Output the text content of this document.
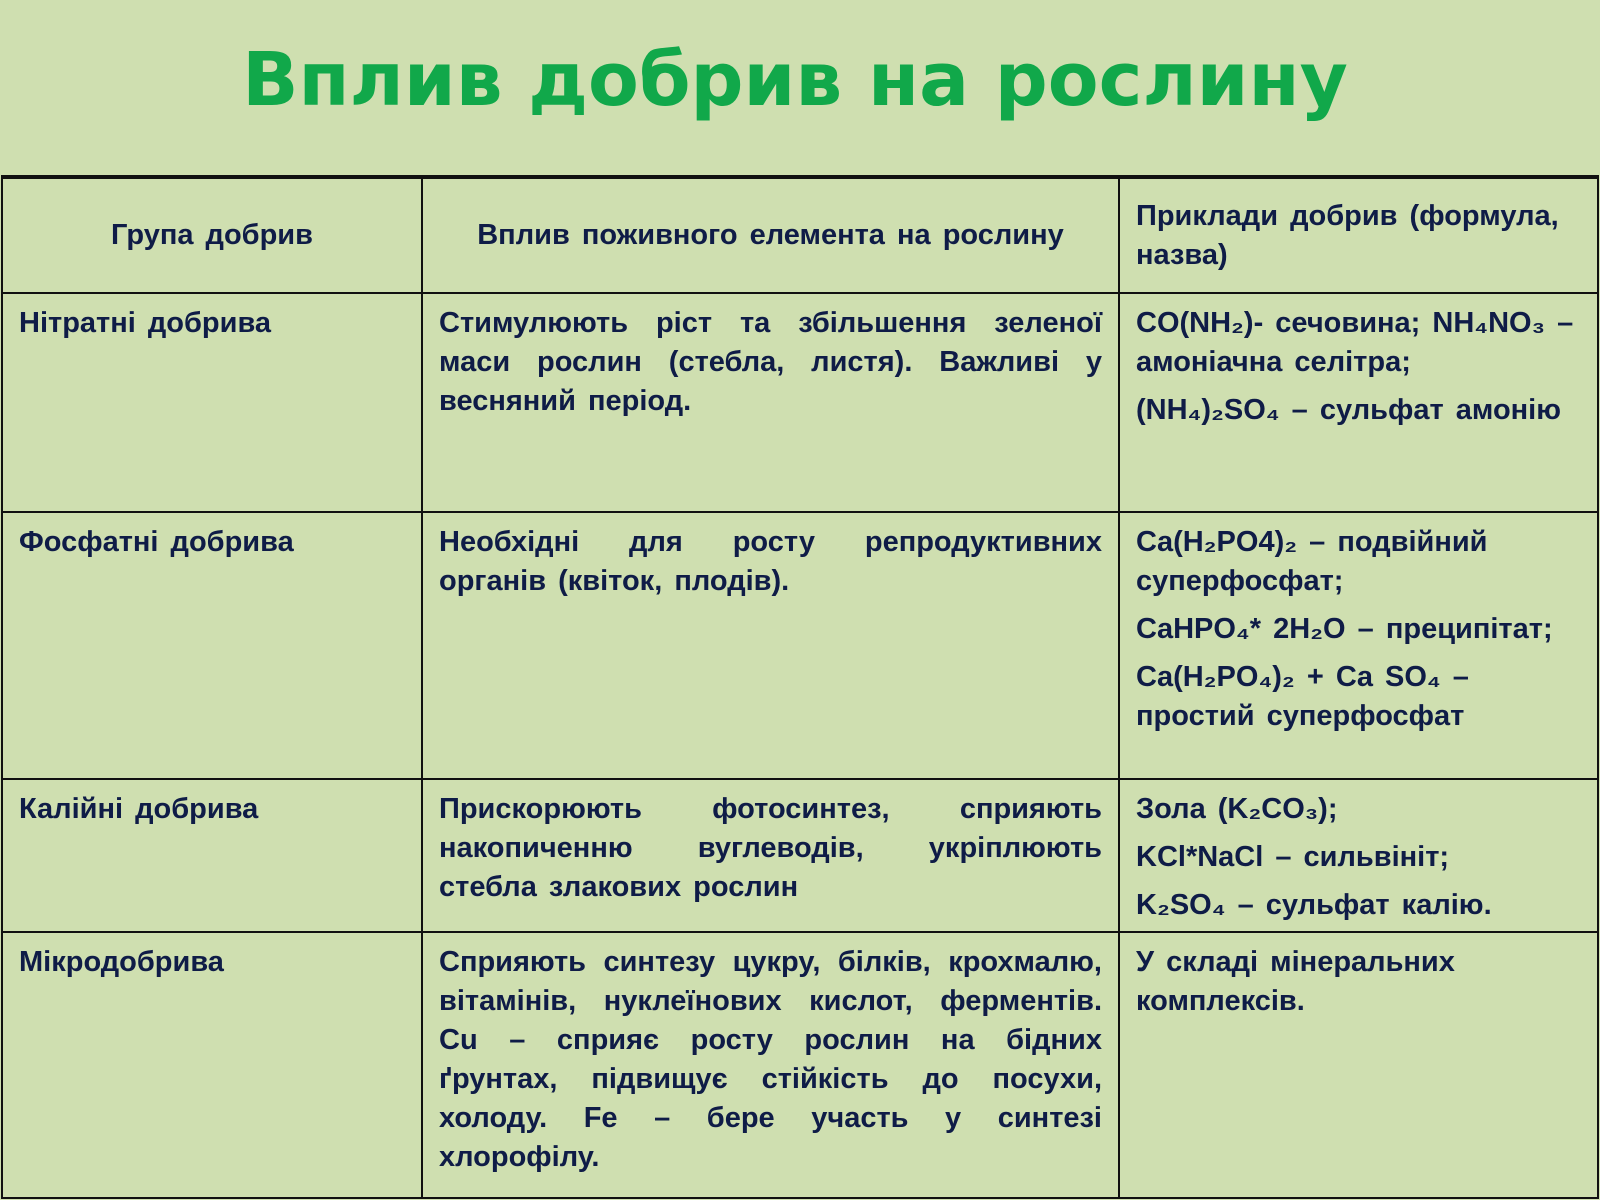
Вплив добрив на рослину
Група добрив	Вплив поживного елемента на рослину	Приклади добрив (формула, назва)
Нітратні добрива	Стимулюють ріст та збільшення зеленої маси рослин (стебла, листя). Важливі у весняний період.	CO(NH₂)- сечовина; NH₄NO₃ – амоніачна селітра;
(NH₄)₂SO₄ – сульфат амонію

Фосфатні добрива	Необхідні для росту репродуктивних органів (квіток, плодів).	Ca(H₂PO4)₂ – подвійний суперфосфат;
CaHPO₄* 2H₂O – преципітат;
Ca(H₂PO₄)₂ + Ca SO₄ – простий суперфосфат

Калійні добрива	Прискорюють фотосинтез, сприяють накопиченню вуглеводів, укріплюють стебла злакових рослин	Зола (K₂CO₃);
KCl*NaCl – сильвініт;
K₂SO₄ – сульфат калію.

Мікродобрива	Сприяють синтезу цукру, білків, крохмалю, вітамінів, нуклеїнових кислот, ферментів. Cu – сприяє росту рослин на бідних ґрунтах, підвищує стійкість до посухи, холоду. Fe – бере участь у синтезі хлорофілу.	У складі мінеральних комплексів.
